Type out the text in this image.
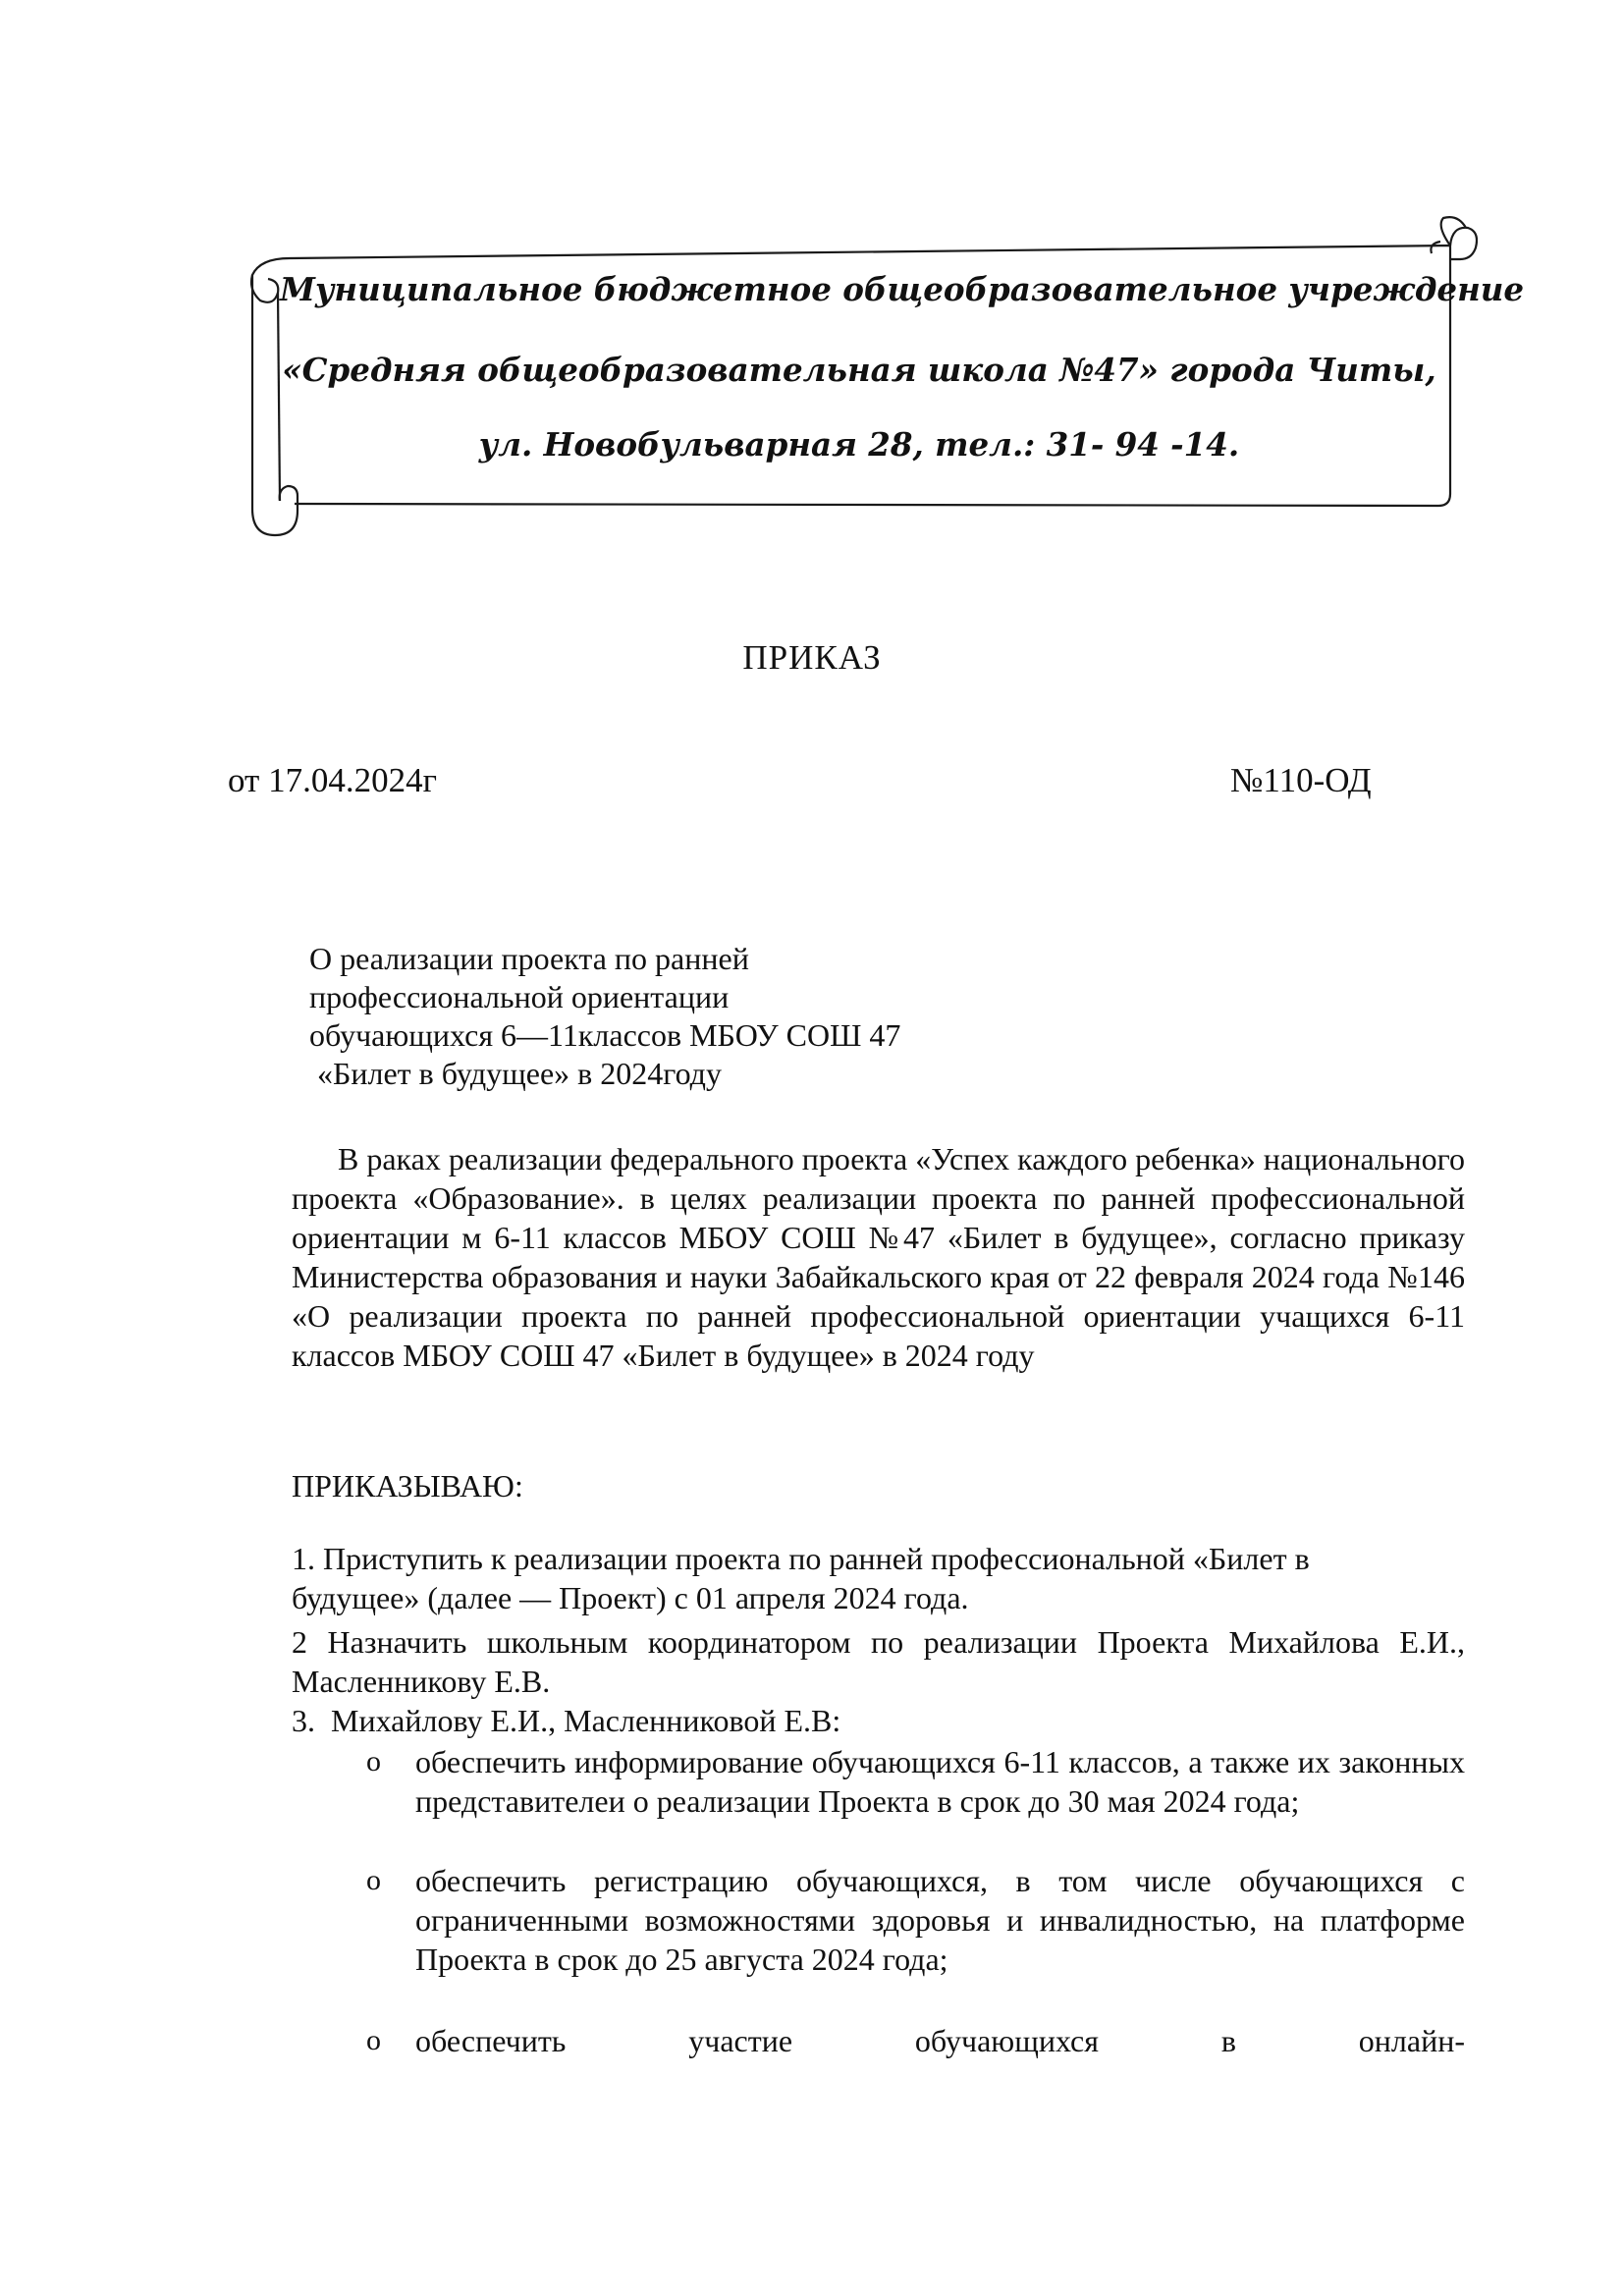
Муниципальное бюджетное общеобразовательное учреждение
«Средняя общеобразовательная школа №47» города Читы,
ул. Новобульварная 28, тел.: 31- 94 -14.
ПРИКАЗ
от 17.04.2024г	№110-ОД
О реализации проекта по ранней
профессиональной ориентации
обучающихся 6—11классов МБОУ СОШ 47
«Билет в будущее» в 2024году
В раках реализации федерального проекта «Успех каждого ребенка» национального проекта «Образование». в целях реализации проекта по ранней профессиональной ориентации м 6-11 классов МБОУ СОШ №47 «Билет в будущее», согласно приказу Министерства образования и науки Забайкальского края от 22 февраля 2024 года №146 «О реализации проекта по ранней профессиональной ориентации учащихся 6-11 классов МБОУ СОШ 47 «Билет в будущее» в 2024 году
ПРИКАЗЫВАЮ:
1. Приступить к реализации проекта по ранней профессиональной «Билет в будущее» (далее — Проект) с 01 апреля 2024 года.
2 Назначить школьным координатором по реализации Проекта Михайлова Е.И., Масленникову Е.В.
3.  Михайлову Е.И., Масленниковой Е.В:
o обеспечить информирование обучающихся 6-11 классов, а также их законных представителеи о реализации Проекта в срок до 30 мая 2024 года;
o обеспечить регистрацию обучающихся, в том числе обучающихся с ограниченными возможностями здоровья и инвалидностью, на платформе Проекта в срок до 25 августа 2024 года;
o обеспечить	участие	обучающихся	в	онлайн-
